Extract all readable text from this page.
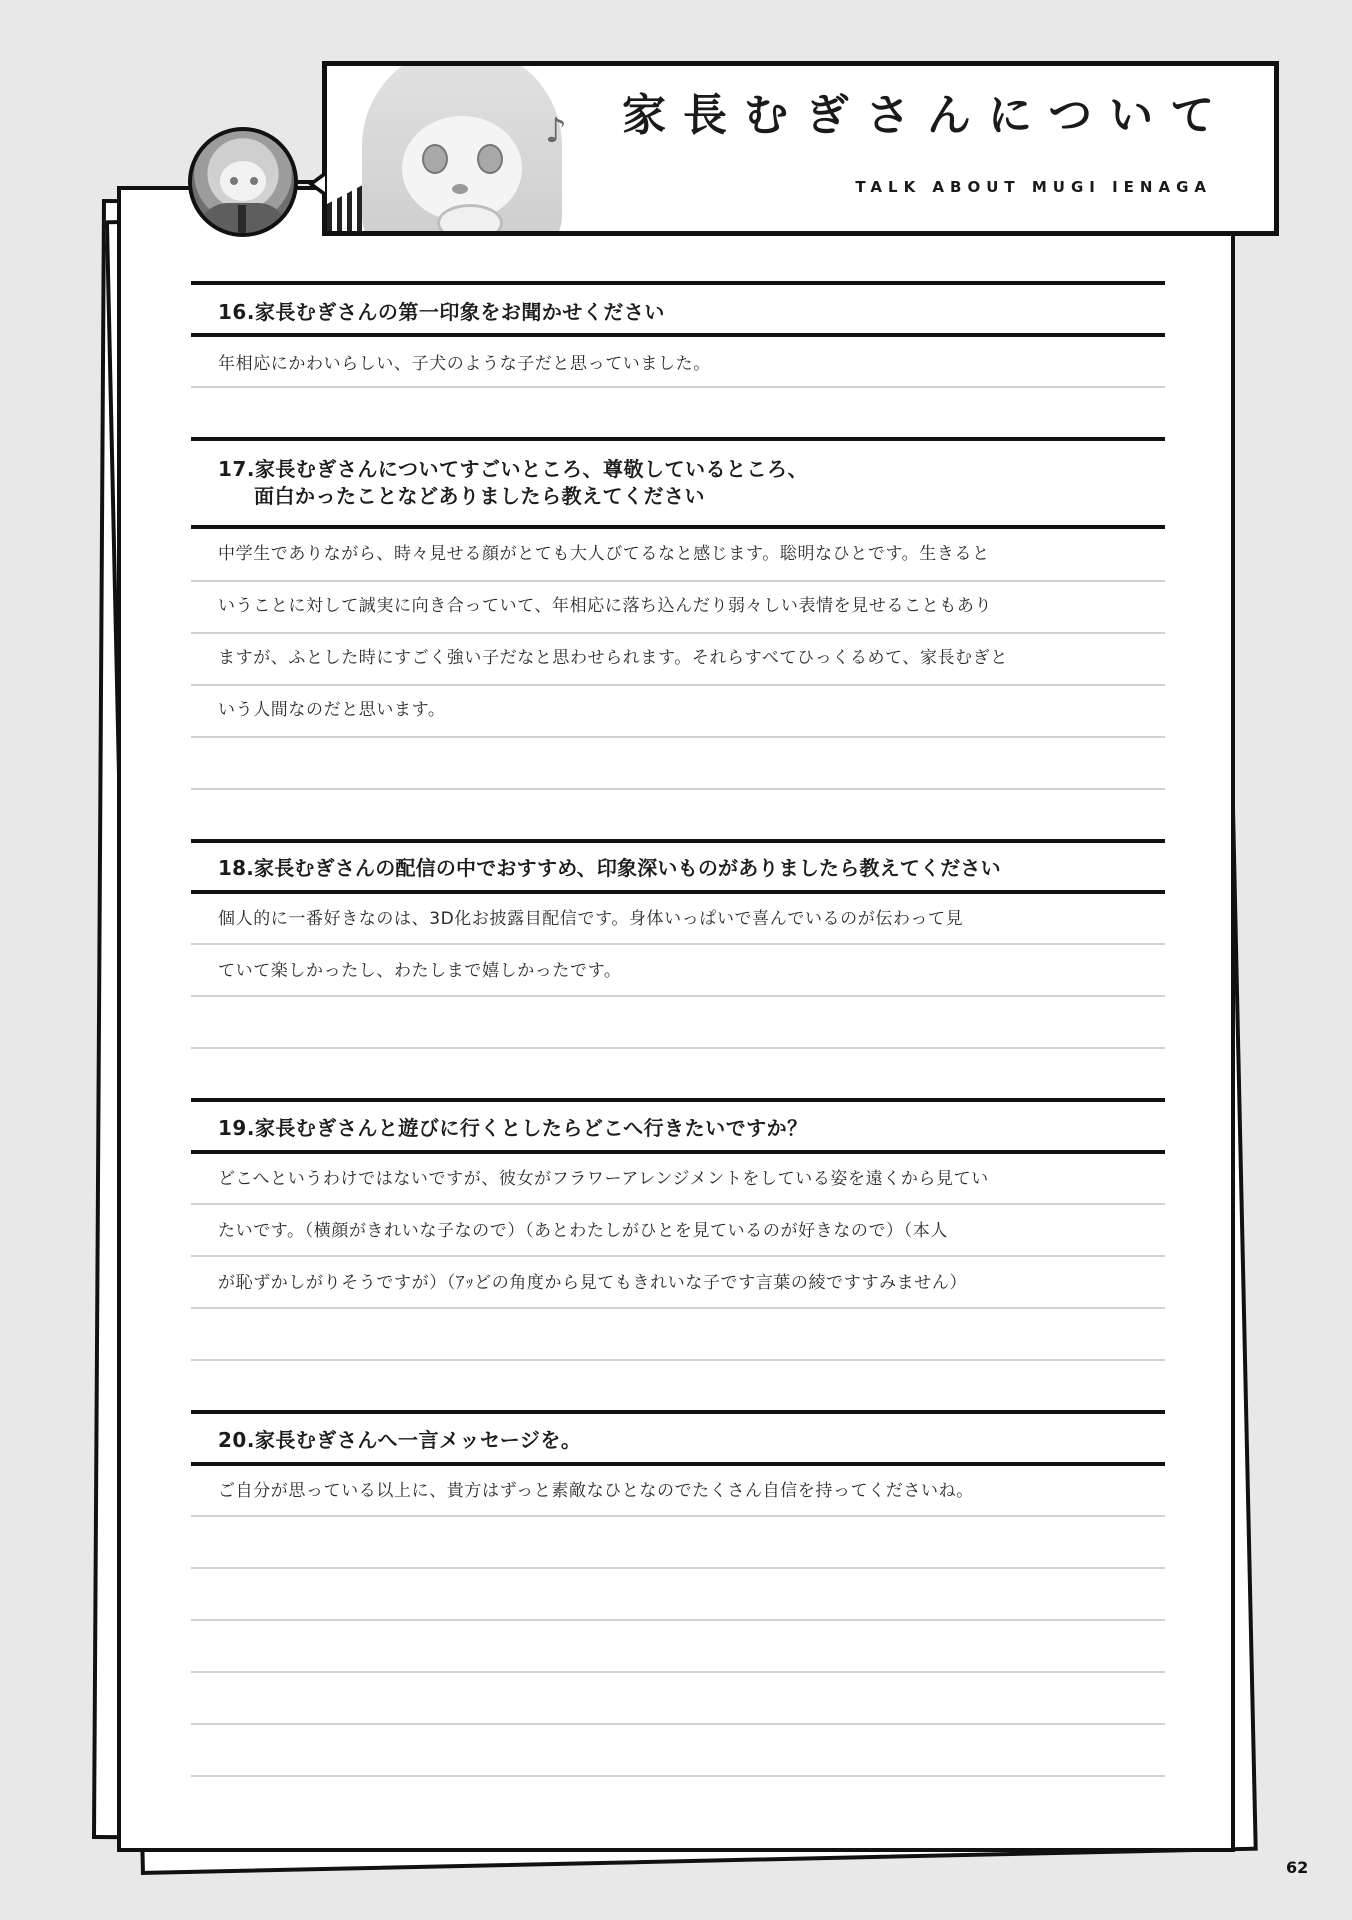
♪ 家長むぎさんについて
TALK ABOUT MUGI IENAGA
16.家長むぎさんの第一印象をお聞かせください
年相応にかわいらしい、子犬のような子だと思っていました。
17.家長むぎさんについてすごいところ、尊敬しているところ、
面白かったことなどありましたら教えてください
中学生でありながら、時々見せる顔がとても大人びてるなと感じます。聡明なひとです。生きると
いうことに対して誠実に向き合っていて、年相応に落ち込んだり弱々しい表情を見せることもあり
ますが、ふとした時にすごく強い子だなと思わせられます。それらすべてひっくるめて、家長むぎと
いう人間なのだと思います。
18.家長むぎさんの配信の中でおすすめ、印象深いものがありましたら教えてください
個人的に一番好きなのは、3D化お披露目配信です。身体いっぱいで喜んでいるのが伝わって見
ていて楽しかったし、わたしまで嬉しかったです。
19.家長むぎさんと遊びに行くとしたらどこへ行きたいですか？
どこへというわけではないですが、彼女がフラワーアレンジメントをしている姿を遠くから見てい
たいです。（横顔がきれいな子なので）（あとわたしがひとを見ているのが好きなので）（本人
が恥ずかしがりそうですが）（ｱｯどの角度から見てもきれいな子です言葉の綾ですすみません）
20.家長むぎさんへ一言メッセージを。
ご自分が思っている以上に、貴方はずっと素敵なひとなのでたくさん自信を持ってくださいね。
62
